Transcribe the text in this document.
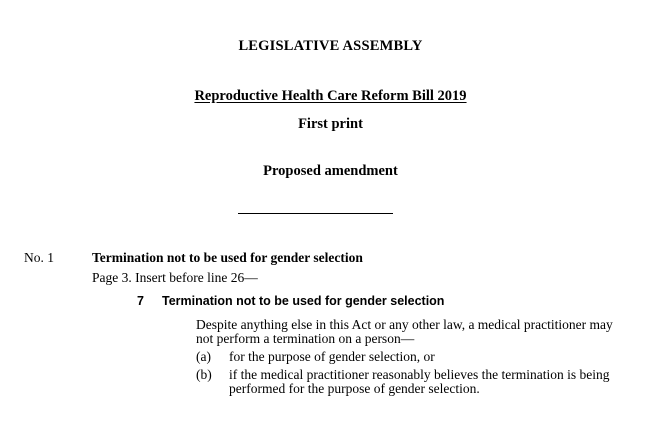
LEGISLATIVE ASSEMBLY
Reproductive Health Care Reform Bill 2019
First print
Proposed amendment
No. 1	Termination not to be used for gender selection
Page 3. Insert before line 26—
7 Termination not to be used for gender selection
Despite anything else in this Act or any other law, a medical practitioner may not perform a termination on a person—
(a) for the purpose of gender selection, or
(b) if the medical practitioner reasonably believes the termination is being performed for the purpose of gender selection.
